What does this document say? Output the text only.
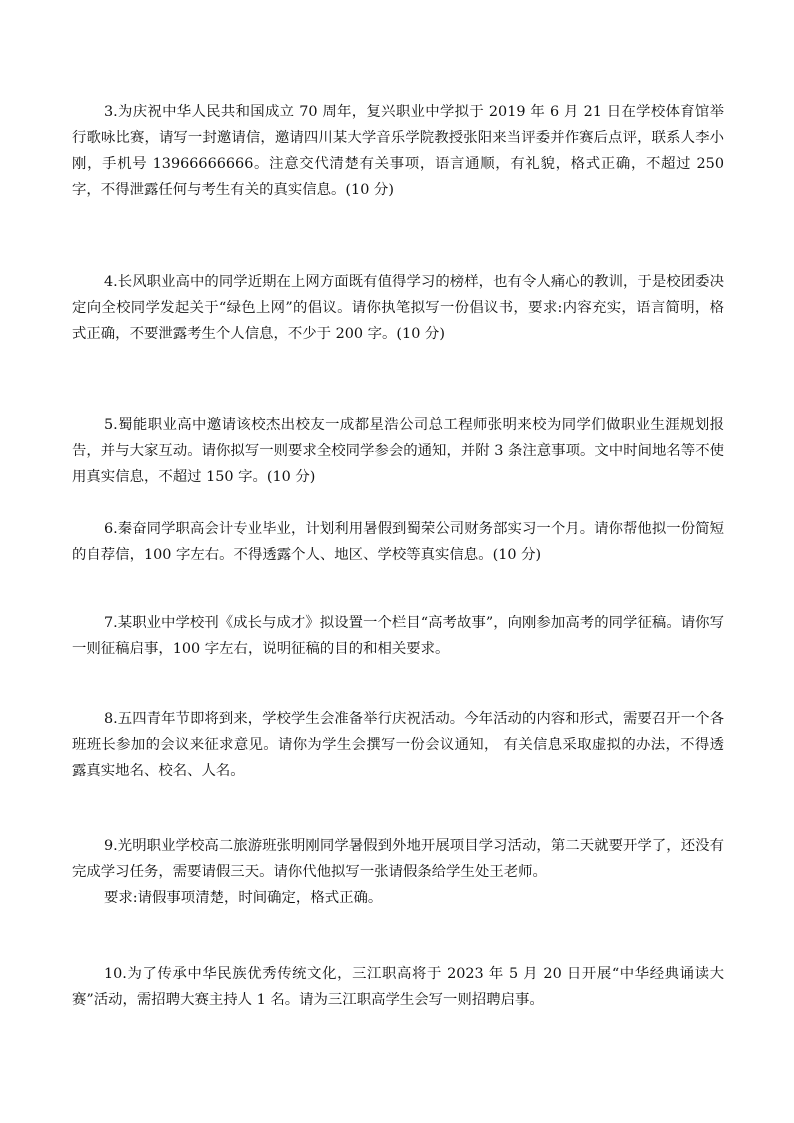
3.为庆祝中华人民共和国成立 70 周年，复兴职业中学拟于 2019 年 6 月 21 日在学校体育馆举行歌咏比赛，请写一封邀请信，邀请四川某大学音乐学院教授张阳来当评委并作赛后点评，联系人李小刚，手机号 13966666666。注意交代清楚有关事项，语言通顺，有礼貌，格式正确，不超过 250 字，不得泄露任何与考生有关的真实信息。(10 分)

4.长风职业高中的同学近期在上网方面既有值得学习的榜样，也有令人痛心的教训，于是校团委决定向全校同学发起关于“绿色上网”的倡议。请你执笔拟写一份倡议书，要求:内容充实，语言简明，格式正确，不要泄露考生个人信息，不少于 200 字。(10 分)

5.蜀能职业高中邀请该校杰出校友一成都星浩公司总工程师张明来校为同学们做职业生涯规划报告，并与大家互动。请你拟写一则要求全校同学参会的通知，并附 3 条注意事项。文中时间地名等不使用真实信息，不超过 150 字。(10 分)

6.秦奋同学职高会计专业毕业，计划利用暑假到蜀荣公司财务部实习一个月。请你帮他拟一份简短的自荐信，100 字左右。不得透露个人、地区、学校等真实信息。(10 分)

7.某职业中学校刊《成长与成才》拟设置一个栏目“高考故事”，向刚参加高考的同学征稿。请你写一则征稿启事，100 字左右，说明征稿的目的和相关要求。

8.五四青年节即将到来，学校学生会准备举行庆祝活动。今年活动的内容和形式，需要召开一个各班班长参加的会议来征求意见。请你为学生会撰写一份会议通知， 有关信息采取虚拟的办法，不得透露真实地名、校名、人名。

9.光明职业学校高二旅游班张明刚同学暑假到外地开展项目学习活动，第二天就要开学了，还没有完成学习任务，需要请假三天。请你代他拟写一张请假条给学生处王老师。

要求:请假事项清楚，时间确定，格式正确。

10.为了传承中华民族优秀传统文化，三江职高将于 2023 年 5 月 20 日开展“中华经典诵读大赛”活动，需招聘大赛主持人 1 名。请为三江职高学生会写一则招聘启事。
